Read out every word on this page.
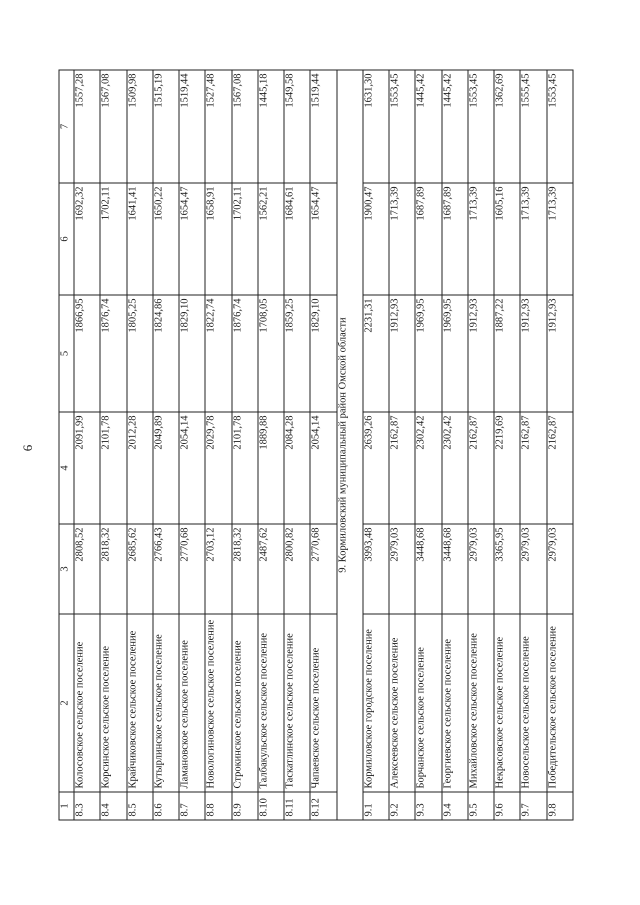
6
1	2	3	4	5	6	7
8.3	Колосовское сельское поселение	2808,52	2091,99	1866,95	1692,32	1557,28
8.4	Корсинское сельское поселение	2818,32	2101,78	1876,74	1702,11	1567,08
8.5	Крайчиковское сельское поселение	2685,62	2012,28	1805,25	1641,41	1509,98
8.6	Кутырлинское сельское поселение	2766,43	2049,89	1824,86	1650,22	1515,19
8.7	Ламановское сельское поселение	2770,68	2054,14	1829,10	1654,47	1519,44
8.8	Новологиновское сельское поселение	2703,12	2029,78	1822,74	1658,91	1527,48
8.9	Строкинское сельское поселение	2818,32	2101,78	1876,74	1702,11	1567,08
8.10	Талбакульское сельское поселение	2487,62	1889,88	1708,05	1562,21	1445,18
8.11	Таскатлинское сельское поселение	2800,82	2084,28	1859,25	1684,61	1549,58
8.12	Чапаевское сельское поселение	2770,68	2054,14	1829,10	1654,47	1519,44
9. Кормиловский муниципальный район Омской области						
9.1	Кормиловское городское поселение	3993,48	2639,26	2231,31	1900,47	1631,30
9.2	Алексеевское сельское поселение	2979,03	2162,87	1912,93	1713,39	1553,45
9.3	Борчанское сельское поселение	3448,68	2302,42	1969,95	1687,89	1445,42
9.4	Георгиевское сельское поселение	3448,68	2302,42	1969,95	1687,89	1445,42
9.5	Михайловское сельское поселение	2979,03	2162,87	1912,93	1713,39	1553,45
9.6	Некрасовское сельское поселение	3365,95	2219,69	1887,22	1605,16	1362,69
9.7	Новосельское сельское поселение	2979,03	2162,87	1912,93	1713,39	1555,45
9.8	Победительское сельское поселение	2979,03	2162,87	1912,93	1713,39	1553,45
